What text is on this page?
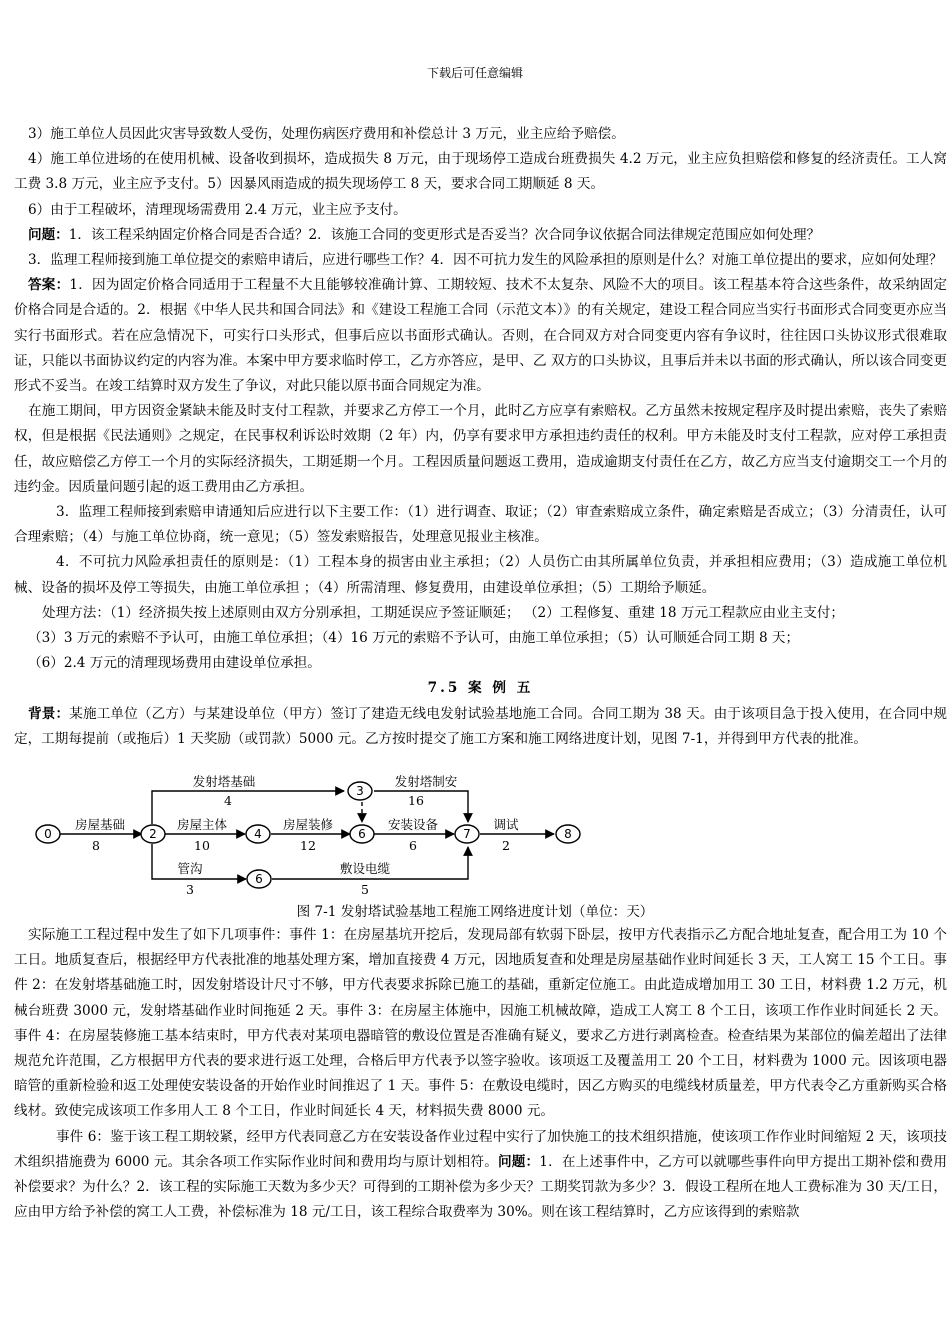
下载后可任意编辑

3）施工单位人员因此灾害导致数人受伤，处理伤病医疗费用和补偿总计 3 万元，业主应给予赔偿。

4）施工单位进场的在使用机械、设备收到损坏，造成损失 8 万元，由于现场停工造成台班费损失 4.2 万元，业主应负担赔偿和修复的经济责任。工人窝工费 3.8 万元，业主应予支付。5）因暴风雨造成的损失现场停工 8 天，要求合同工期顺延 8 天。

6）由于工程破坏，清理现场需费用 2.4 万元，业主应予支付。

问题：1．该工程采纳固定价格合同是否合适？2．该施工合同的变更形式是否妥当？次合同争议依据合同法律规定范围应如何处理？

3．监理工程师接到施工单位提交的索赔申请后，应进行哪些工作？4．因不可抗力发生的风险承担的原则是什么？对施工单位提出的要求，应如何处理？

答案：1．因为固定价格合同适用于工程量不大且能够较准确计算、工期较短、技术不太复杂、风险不大的项目。该工程基本符合这些条件，故采纳固定价格合同是合适的。2．根据《中华人民共和国合同法》和《建设工程施工合同（示范文本）》的有关规定，建设工程合同应当实行书面形式合同变更亦应当实行书面形式。若在应急情况下，可实行口头形式，但事后应以书面形式确认。否则，在合同双方对合同变更内容有争议时，往往因口头协议形式很难取证，只能以书面协议约定的内容为准。本案中甲方要求临时停工，乙方亦答应，是甲、乙 双方的口头协议，且事后并未以书面的形式确认，所以该合同变更形式不妥当。在竣工结算时双方发生了争议，对此只能以原书面合同规定为准。

在施工期间，甲方因资金紧缺未能及时支付工程款，并要求乙方停工一个月，此时乙方应享有索赔权。乙方虽然未按规定程序及时提出索赔，丧失了索赔权，但是根据《民法通则》之规定，在民事权利诉讼时效期（2 年）内，仍享有要求甲方承担违约责任的权利。甲方未能及时支付工程款，应对停工承担责任，故应赔偿乙方停工一个月的实际经济损失，工期延期一个月。工程因质量问题返工费用，造成逾期支付责任在乙方，故乙方应当支付逾期交工一个月的违约金。因质量问题引起的返工费用由乙方承担。

3．监理工程师接到索赔申请通知后应进行以下主要工作：（1）进行调查、取证；（2）审查索赔成立条件，确定索赔是否成立；（3）分清责任，认可合理索赔；（4）与施工单位协商，统一意见；（5）签发索赔报告，处理意见报业主核准。

4．不可抗力风险承担责任的原则是：（1）工程本身的损害由业主承担；（2）人员伤亡由其所属单位负责，并承担相应费用；（3）造成施工单位机械、设备的损坏及停工等损失，由施工单位承担 ；（4）所需清理、修复费用，由建设单位承担；（5）工期给予顺延。

处理方法：（1）经济损失按上述原则由双方分别承担，工期延误应予签证顺延； （2）工程修复、重建 18 万元工程款应由业主支付；

（3）3 万元的索赔不予认可，由施工单位承担；（4）16 万元的索赔不予认可，由施工单位承担；（5）认可顺延合同工期 8 天；

（6）2.4 万元的清理现场费用由建设单位承担。

7.5 案 例 五

背景：某施工单位（乙方）与某建设单位（甲方）签订了建造无线电发射试验基地施工合同。合同工期为 38 天。由于该项目急于投入使用，在合同中规定，工期每提前（或拖后）1 天奖励（或罚款）5000 元。乙方按时提交了施工方案和施工网络进度计划，见图 7-1，并得到甲方代表的批准。

0	2
3
4	6	7	8
6
房屋基础
8
发射塔基础
4
房屋主体
10
房屋装修
12
发射塔制安
16
安装设备
6
调试
2
管沟
3
敷设电缆
5
图 7-1 发射塔试验基地工程施工网络进度计划（单位：天）

实际施工工程过程中发生了如下几项事件：事件 1：在房屋基坑开挖后，发现局部有软弱下卧层，按甲方代表指示乙方配合地址复查，配合用工为 10 个工日。地质复查后，根据经甲方代表批准的地基处理方案，增加直接费 4 万元，因地质复查和处理是房屋基础作业时间延长 3 天，工人窝工 15 个工日。事件 2：在发射塔基础施工时，因发射塔设计尺寸不够，甲方代表要求拆除已施工的基础，重新定位施工。由此造成增加用工 30 工日，材料费 1.2 万元，机械台班费 3000 元，发射塔基础作业时间拖延 2 天。事件 3：在房屋主体施中，因施工机械故障，造成工人窝工 8 个工日，该项工作作业时间延长 2 天。事件 4：在房屋装修施工基本结束时，甲方代表对某项电器暗管的敷设位置是否准确有疑义，要求乙方进行剥离检查。检查结果为某部位的偏差超出了法律规范允许范围，乙方根据甲方代表的要求进行返工处理，合格后甲方代表予以签字验收。该项返工及覆盖用工 20 个工日，材料费为 1000 元。因该项电器暗管的重新检验和返工处理使安装设备的开始作业时间推迟了 1 天。事件 5：在敷设电缆时，因乙方购买的电缆线材质量差，甲方代表令乙方重新购买合格线材。致使完成该项工作多用人工 8 个工日，作业时间延长 4 天，材料损失费 8000 元。

事件 6：鉴于该工程工期较紧，经甲方代表同意乙方在安装设备作业过程中实行了加快施工的技术组织措施，使该项工作作业时间缩短 2 天，该项技术组织措施费为 6000 元。其余各项工作实际作业时间和费用均与原计划相符。问题：1．在上述事件中，乙方可以就哪些事件向甲方提出工期补偿和费用补偿要求？为什么？2．该工程的实际施工天数为多少天？可得到的工期补偿为多少天？工期奖罚款为多少？3．假设工程所在地人工费标准为 30 天/工日，应由甲方给予补偿的窝工人工费，补偿标准为 18 元/工日，该工程综合取费率为 30%。则在该工程结算时，乙方应该得到的索赔款
